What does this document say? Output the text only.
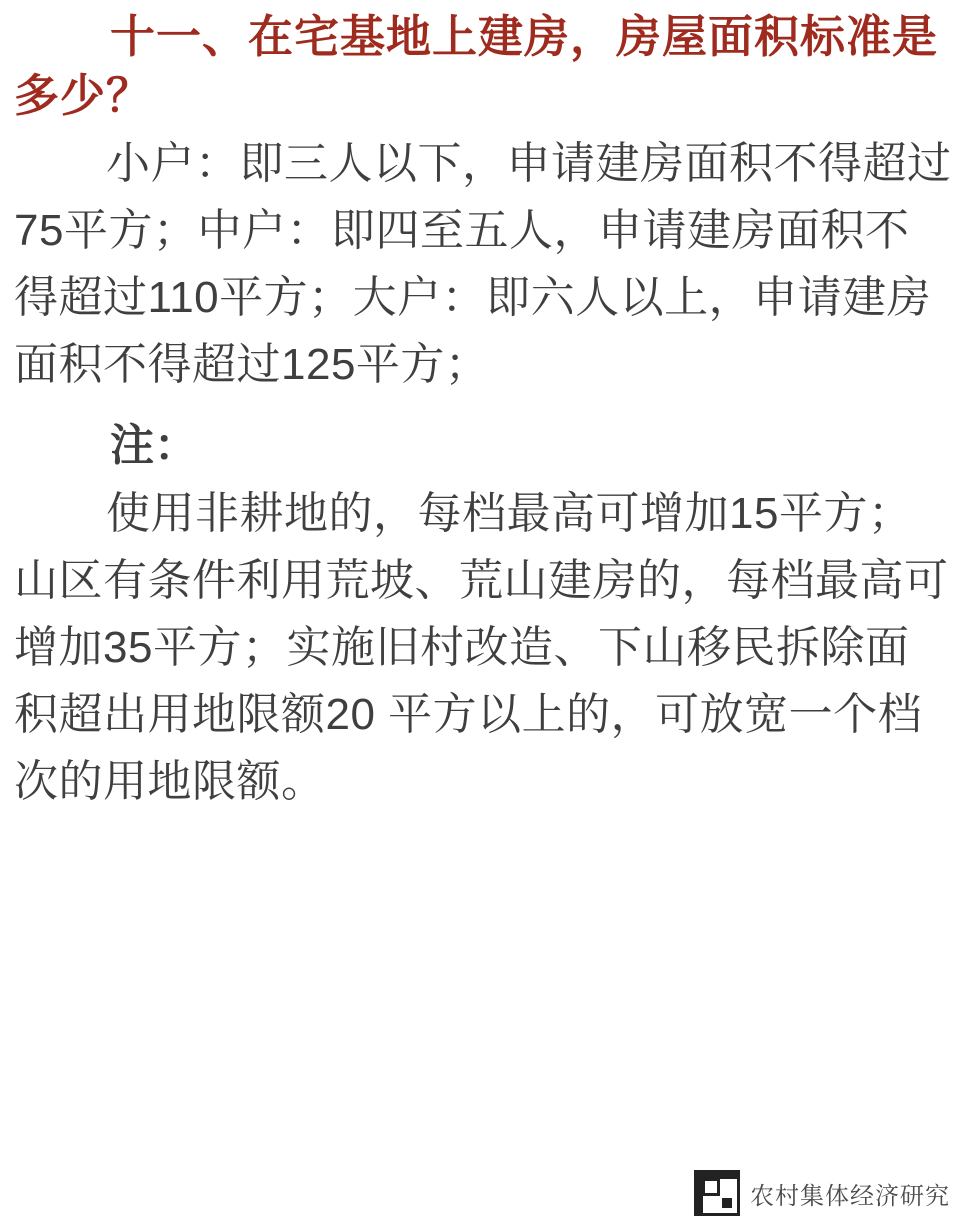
十一、在宅基地上建房，房屋面积标准是多少？

小户：即三人以下，申请建房面积不得超过75平方；中户：即四至五人，申请建房面积不得超过110平方；大户：即六人以上，申请建房面积不得超过125平方；

注：

使用非耕地的，每档最高可增加15平方；山区有条件利用荒坡、荒山建房的，每档最高可增加35平方；实施旧村改造、下山移民拆除面积超出用地限额20 平方以上的，可放宽一个档次的用地限额。

农村集体经济研究
